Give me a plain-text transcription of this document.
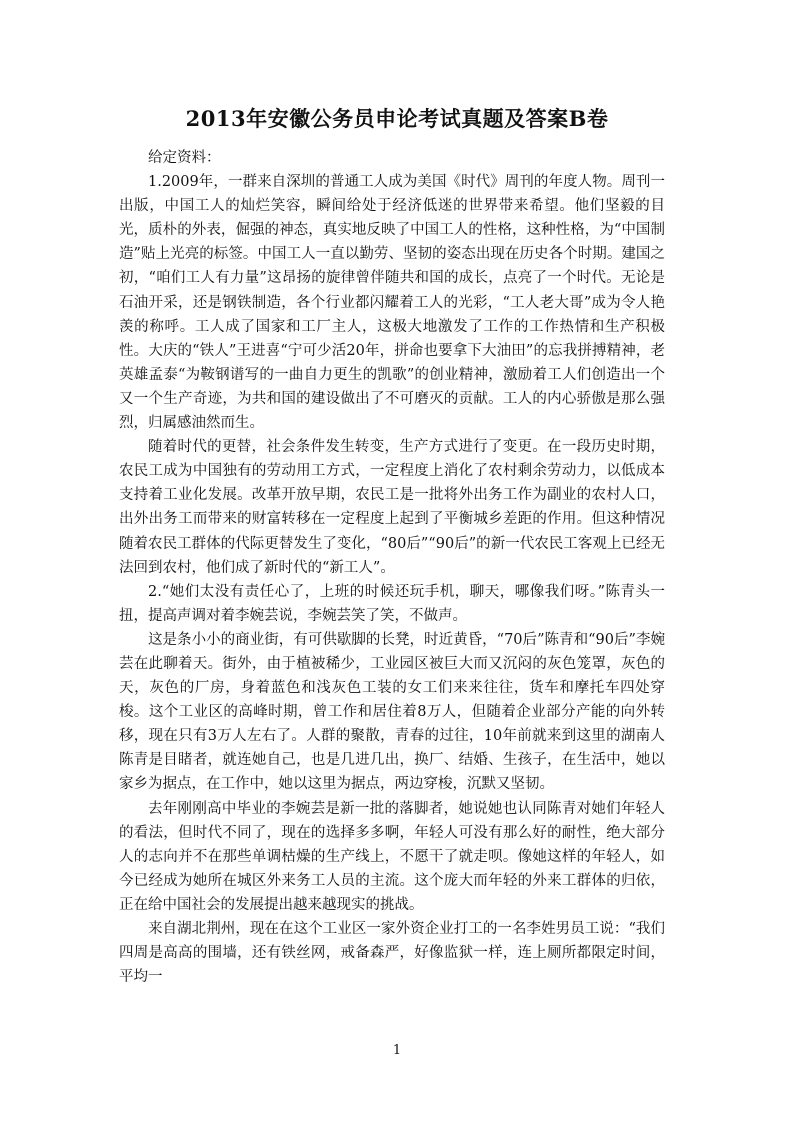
2013年安徽公务员申论考试真题及答案B卷

给定资料：

1.2009年，一群来自深圳的普通工人成为美国《时代》周刊的年度人物。周刊一出版，中国工人的灿烂笑容，瞬间给处于经济低迷的世界带来希望。他们坚毅的目光，质朴的外表，倔强的神态，真实地反映了中国工人的性格，这种性格，为“中国制造”贴上光亮的标签。中国工人一直以勤劳、坚韧的姿态出现在历史各个时期。建国之初，“咱们工人有力量”这昂扬的旋律曾伴随共和国的成长，点亮了一个时代。无论是石油开采，还是钢铁制造，各个行业都闪耀着工人的光彩，“工人老大哥”成为令人艳羡的称呼。工人成了国家和工厂主人，这极大地激发了工作的工作热情和生产积极性。大庆的“铁人”王进喜“宁可少活20年，拼命也要拿下大油田”的忘我拼搏精神，老英雄孟泰“为鞍钢谱写的一曲自力更生的凯歌”的创业精神，激励着工人们创造出一个又一个生产奇迹，为共和国的建设做出了不可磨灭的贡献。工人的内心骄傲是那么强烈，归属感油然而生。

随着时代的更替，社会条件发生转变，生产方式进行了变更。在一段历史时期，农民工成为中国独有的劳动用工方式，一定程度上消化了农村剩余劳动力，以低成本支持着工业化发展。改革开放早期，农民工是一批将外出务工作为副业的农村人口，出外出务工而带来的财富转移在一定程度上起到了平衡城乡差距的作用。但这种情况随着农民工群体的代际更替发生了变化，“80后”“90后”的新一代农民工客观上已经无法回到农村，他们成了新时代的“新工人”。

2.“她们太没有责任心了，上班的时候还玩手机，聊天，哪像我们呀。”陈青头一扭，提高声调对着李婉芸说，李婉芸笑了笑，不做声。

这是条小小的商业街，有可供歇脚的长凳，时近黄昏，“70后”陈青和“90后”李婉芸在此聊着天。街外，由于植被稀少，工业园区被巨大而又沉闷的灰色笼罩，灰色的天，灰色的厂房，身着蓝色和浅灰色工装的女工们来来往往，货车和摩托车四处穿梭。这个工业区的高峰时期，曾工作和居住着8万人，但随着企业部分产能的向外转移，现在只有3万人左右了。人群的聚散，青春的过往，10年前就来到这里的湖南人陈青是目睹者，就连她自己，也是几进几出，换厂、结婚、生孩子，在生活中，她以家乡为据点，在工作中，她以这里为据点，两边穿梭，沉默又坚韧。

去年刚刚高中毕业的李婉芸是新一批的落脚者，她说她也认同陈青对她们年轻人的看法，但时代不同了，现在的选择多多啊，年轻人可没有那么好的耐性，绝大部分人的志向并不在那些单调枯燥的生产线上，不愿干了就走呗。像她这样的年轻人，如今已经成为她所在城区外来务工人员的主流。这个庞大而年轻的外来工群体的归依，正在给中国社会的发展提出越来越现实的挑战。

来自湖北荆州，现在在这个工业区一家外资企业打工的一名李姓男员工说：“我们四周是高高的围墙，还有铁丝网，戒备森严，好像监狱一样，连上厕所都限定时间，平均一

1
